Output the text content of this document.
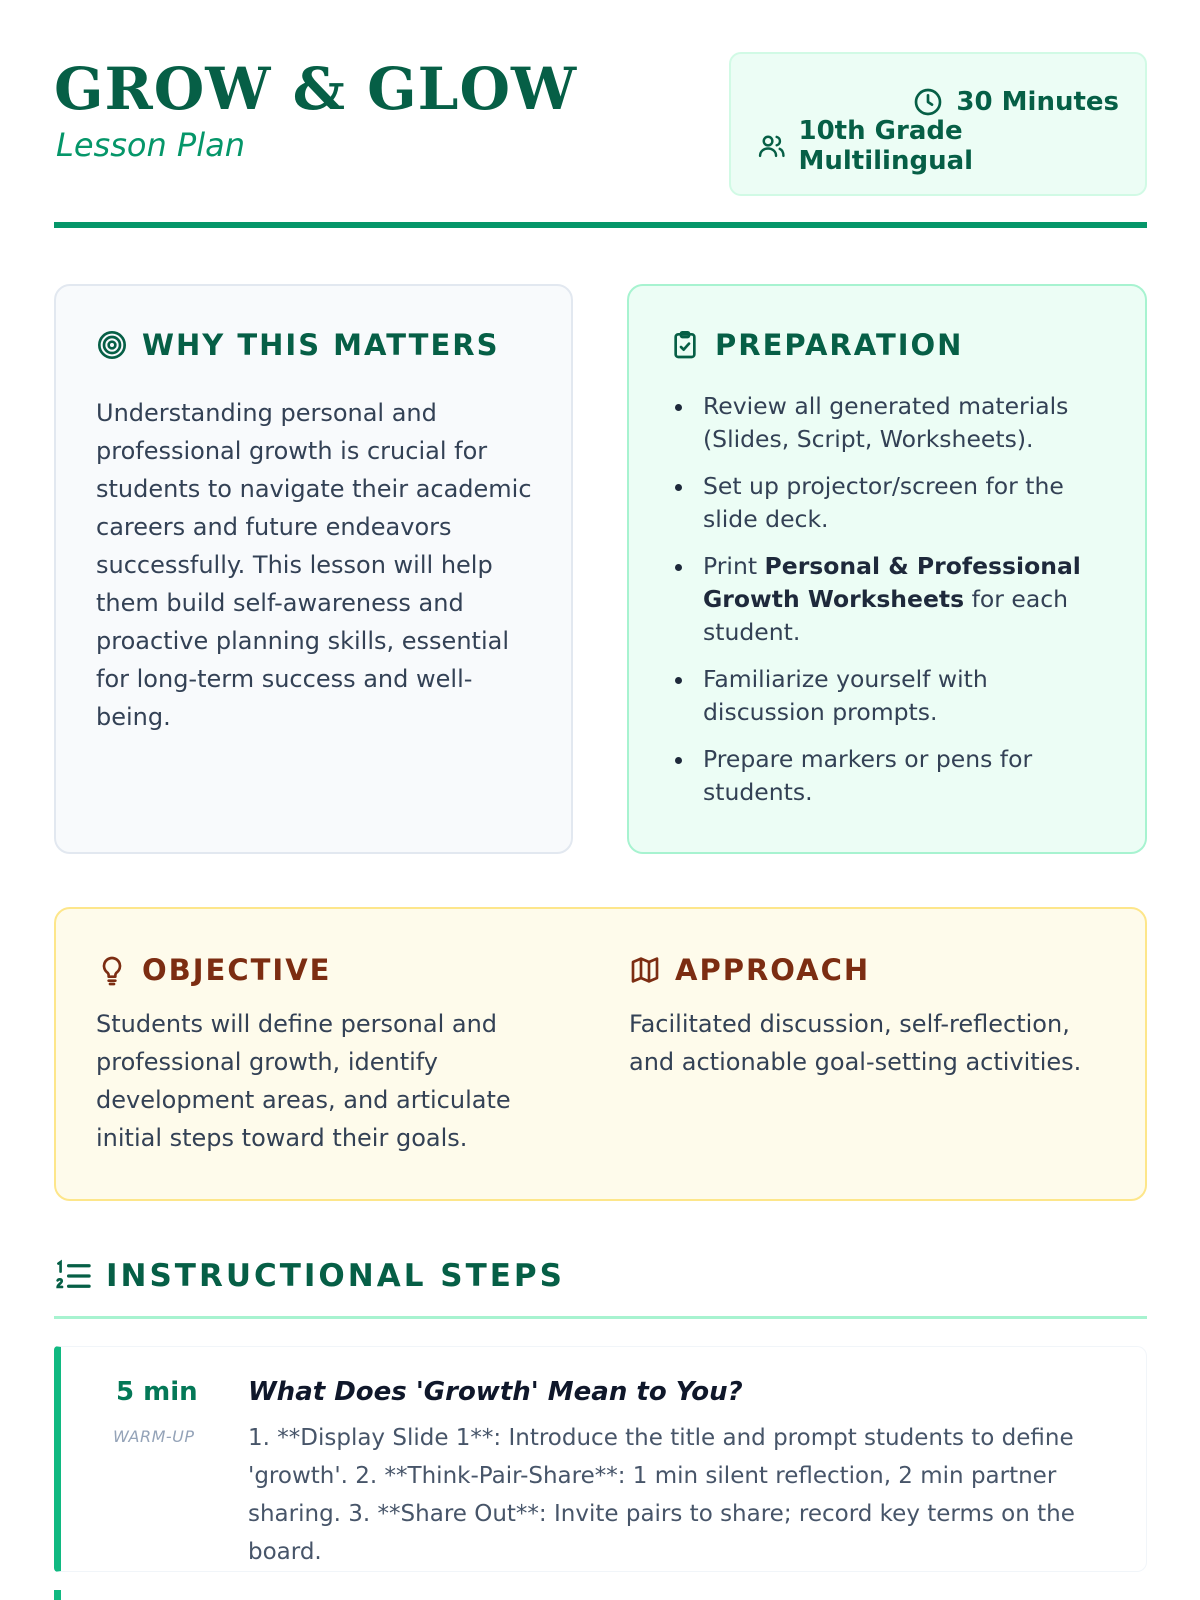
GROW & GLOW
Lesson Plan
30 Minutes
10th Grade Multilingual
WHY THIS MATTERS

Understanding personal and professional growth is crucial for students to navigate their academic careers and future endeavors successfully. This lesson will help them build self-awareness and proactive planning skills, essential for long-term success and well-being.

PREPARATION
Review all generated materials (Slides, Script, Worksheets).
Set up projector/screen for the slide deck.
Print Personal & Professional Growth Worksheets for each student.
Familiarize yourself with discussion prompts.
Prepare markers or pens for students.
OBJECTIVE

Students will define personal and professional growth, identify development areas, and articulate initial steps toward their goals.

APPROACH

Facilitated discussion, self-reflection, and actionable goal-setting activities.

INSTRUCTIONAL STEPS
5 min
WARM-UP
What Does 'Growth' Mean to You?
1. **Display Slide 1**: Introduce the title and prompt students to define 'growth'. 2. **Think-Pair-Share**: 1 min silent reflection, 2 min partner sharing. 3. **Share Out**: Invite pairs to share; record key terms on the board.
